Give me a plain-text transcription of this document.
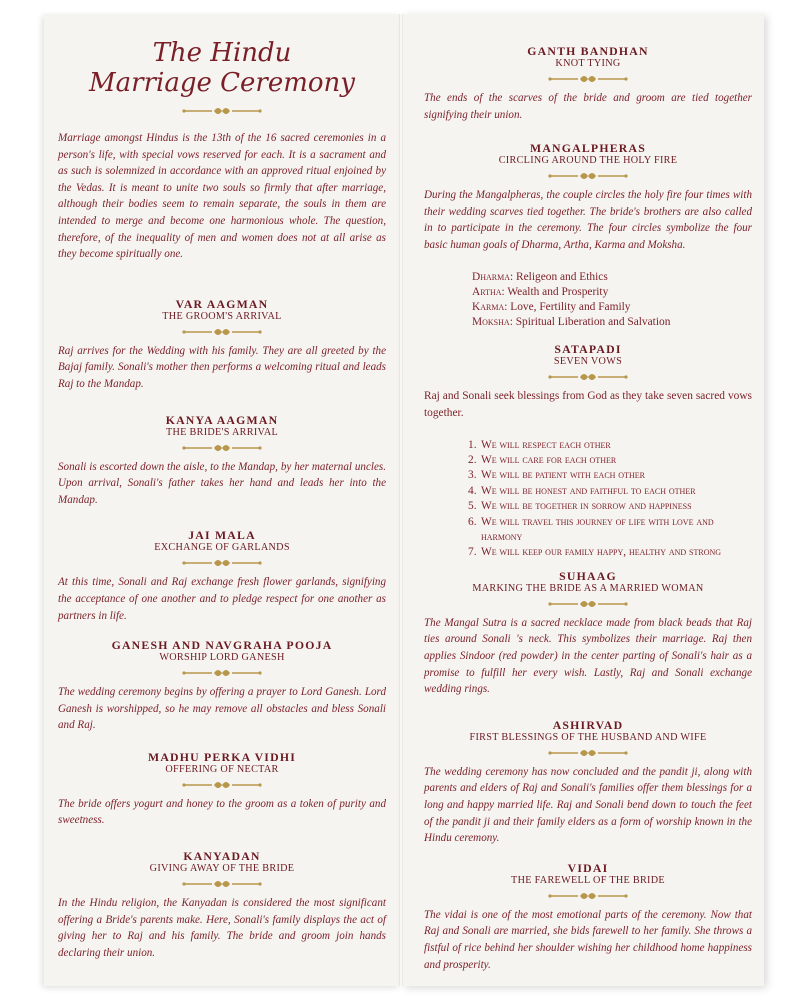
The Hindu
Marriage Ceremony

Marriage amongst Hindus is the 13th of the 16 sacred ceremonies in a person's life, with special vows reserved for each. It is a sacrament and as such is solemnized in accordance with an approved ritual enjoined by the Vedas. It is meant to unite two souls so firmly that after marriage, although their bodies seem to remain separate, the souls in them are intended to merge and become one harmonious whole. The question, therefore, of the inequality of men and women does not at all arise as they become spiritually one.

VAR AAGMAN
THE GROOM'S ARRIVAL

Raj arrives for the Wedding with his family. They are all greeted by the Bajaj family. Sonali's mother then performs a welcoming ritual and leads Raj to the Mandap.

KANYA AAGMAN
THE BRIDE'S ARRIVAL

Sonali is escorted down the aisle, to the Mandap, by her maternal uncles. Upon arrival, Sonali's father takes her hand and leads her into the Mandap.

JAI MALA
EXCHANGE OF GARLANDS

At this time, Sonali and Raj exchange fresh flower garlands, signifying the acceptance of one another and to pledge respect for one another as partners in life.

GANESH AND NAVGRAHA POOJA
WORSHIP LORD GANESH

The wedding ceremony begins by offering a prayer to Lord Ganesh. Lord Ganesh is worshipped, so he may remove all obstacles and bless Sonali and Raj.

MADHU PERKA VIDHI
OFFERING OF NECTAR

The bride offers yogurt and honey to the groom as a token of purity and sweetness.

KANYADAN
GIVING AWAY OF THE BRIDE

In the Hindu religion, the Kanyadan is considered the most significant offering a Bride's parents make. Here, Sonali's family displays the act of giving her to Raj and his family. The bride and groom join hands declaring their union.

GANTH BANDHAN
KNOT TYING

The ends of the scarves of the bride and groom are tied together signifying their union.

MANGALPHERAS
CIRCLING AROUND THE HOLY FIRE

During the Mangalpheras, the couple circles the holy fire four times with their wedding scarves tied together. The bride's brothers are also called in to participate in the ceremony. The four circles symbolize the four basic human goals of Dharma, Artha, Karma and Moksha.

Dharma: Religeon and Ethics
Artha: Wealth and Prosperity
Karma: Love, Fertility and Family
Moksha: Spiritual Liberation and Salvation
SATAPADI
SEVEN VOWS

Raj and Sonali seek blessings from God as they take seven sacred vows together.

1. We will respect each other
2. We will care for each other
3. We will be patient with each other
4. We will be honest and faithful to each other
5. We will be together in sorrow and happiness
6. We will travel this journey of life with love and harmony
7. We will keep our family happy, healthy and strong
SUHAAG
MARKING THE BRIDE AS A MARRIED WOMAN

The Mangal Sutra is a sacred necklace made from black beads that Raj ties around Sonali 's neck. This symbolizes their marriage. Raj then applies Sindoor (red powder) in the center parting of Sonali's hair as a promise to fulfill her every wish. Lastly, Raj and Sonali exchange wedding rings.

ASHIRVAD
FIRST BLESSINGS OF THE HUSBAND AND WIFE

The wedding ceremony has now concluded and the pandit ji, along with parents and elders of Raj and Sonali's families offer them blessings for a long and happy married life. Raj and Sonali bend down to touch the feet of the pandit ji and their family elders as a form of worship known in the Hindu ceremony.

VIDAI
THE FAREWELL OF THE BRIDE

The vidai is one of the most emotional parts of the ceremony. Now that Raj and Sonali are married, she bids farewell to her family. She throws a fistful of rice behind her shoulder wishing her childhood home happiness and prosperity.
